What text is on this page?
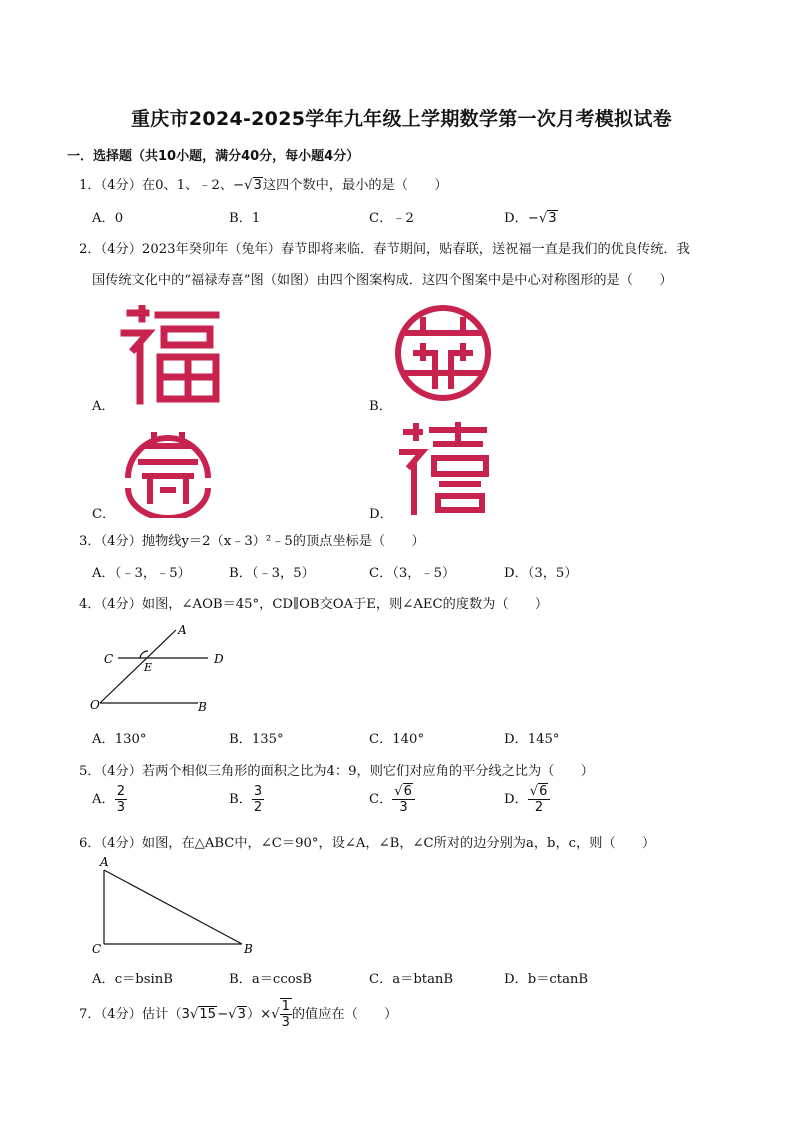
重庆市2024-2025学年九年级上学期数学第一次月考模拟试卷
一．选择题（共10小题，满分40分，每小题4分）
1．（4分）在0、1、﹣2、−√3这四个数中，最小的是（　　）
A．0	B．1	C．﹣2	D．−√3
2．（4分）2023年癸卯年（兔年）春节即将来临．春节期间，贴春联，送祝福一直是我们的优良传统．我
国传统文化中的“福禄寿喜”图（如图）由四个图案构成．这四个图案中是中心对称图形的是（　　）
A．	B．
C．	D．
3．（4分）抛物线y＝2（x﹣3）²﹣5的顶点坐标是（　　）
A．（﹣3，﹣5）	B．（﹣3，5）	C．（3，﹣5）	D．（3，5）
4．（4分）如图，∠AOB＝45°，CD∥OB交OA于E，则∠AEC的度数为（　　）
A
C	D
E
O	B
A．130°	B．135°	C．140°	D．145°
5．（4分）若两个相似三角形的面积之比为4：9，则它们对应角的平分线之比为（　　）
A． $\frac{2}{3}$	B． $\frac{3}{2}$	C． $\frac{√6}{3}$	D． $\frac{√6}{2}$
6．（4分）如图，在△ABC中，∠C＝90°，设∠A，∠B，∠C所对的边分别为a，b，c，则（　　）
A
C	B
A．c＝bsinB	B．a＝ccosB	C．a＝btanB	D．b＝ctanB
7．（4分）估计$(3√15-√3)\times√ \frac{1}{3}$ 的值应在（　　）
